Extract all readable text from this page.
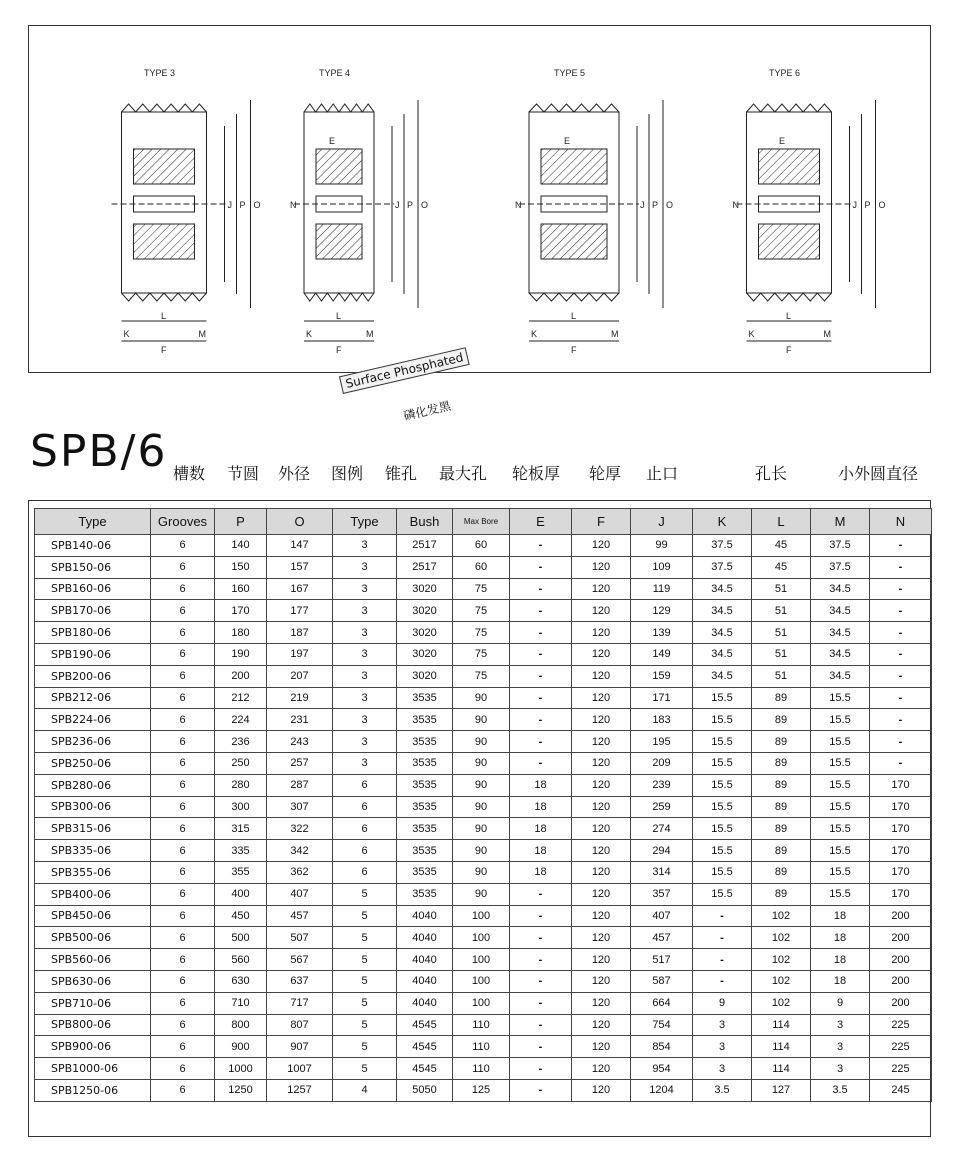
TYPE 3
J P O
K
L
M
F
TYPE 4
J P O
K
L
M
F
N
E
TYPE 5
J P O
K
L
M
F
N
E
TYPE 6
J P O
K
L
M
F
N
E
Surface Phosphated
磷化发黑
SPB/6 槽数 节圆 外径 图例 锥孔 最大孔 轮板厚 轮厚 止口	孔长	小外圆直径
Type	Grooves	P	O	Type	Bush	Max Bore	E	F	J	K	L	M	N
SPB140-06	6	140	147	3	2517	60	-	120	99	37.5	45	37.5	-
SPB150-06	6	150	157	3	2517	60	-	120	109	37.5	45	37.5	-
SPB160-06	6	160	167	3	3020	75	-	120	119	34.5	51	34.5	-
SPB170-06	6	170	177	3	3020	75	-	120	129	34.5	51	34.5	-
SPB180-06	6	180	187	3	3020	75	-	120	139	34.5	51	34.5	-
SPB190-06	6	190	197	3	3020	75	-	120	149	34.5	51	34.5	-
SPB200-06	6	200	207	3	3020	75	-	120	159	34.5	51	34.5	-
SPB212-06	6	212	219	3	3535	90	-	120	171	15.5	89	15.5	-
SPB224-06	6	224	231	3	3535	90	-	120	183	15.5	89	15.5	-
SPB236-06	6	236	243	3	3535	90	-	120	195	15.5	89	15.5	-
SPB250-06	6	250	257	3	3535	90	-	120	209	15.5	89	15.5	-
SPB280-06	6	280	287	6	3535	90	18	120	239	15.5	89	15.5	170
SPB300-06	6	300	307	6	3535	90	18	120	259	15.5	89	15.5	170
SPB315-06	6	315	322	6	3535	90	18	120	274	15.5	89	15.5	170
SPB335-06	6	335	342	6	3535	90	18	120	294	15.5	89	15.5	170
SPB355-06	6	355	362	6	3535	90	18	120	314	15.5	89	15.5	170
SPB400-06	6	400	407	5	3535	90	-	120	357	15.5	89	15.5	170
SPB450-06	6	450	457	5	4040	100	-	120	407	-	102	18	200
SPB500-06	6	500	507	5	4040	100	-	120	457	-	102	18	200
SPB560-06	6	560	567	5	4040	100	-	120	517	-	102	18	200
SPB630-06	6	630	637	5	4040	100	-	120	587	-	102	18	200
SPB710-06	6	710	717	5	4040	100	-	120	664	9	102	9	200
SPB800-06	6	800	807	5	4545	110	-	120	754	3	114	3	225
SPB900-06	6	900	907	5	4545	110	-	120	854	3	114	3	225
SPB1000-06	6	1000	1007	5	4545	110	-	120	954	3	114	3	225
SPB1250-06	6	1250	1257	4	5050	125	-	120	1204	3.5	127	3.5	245
